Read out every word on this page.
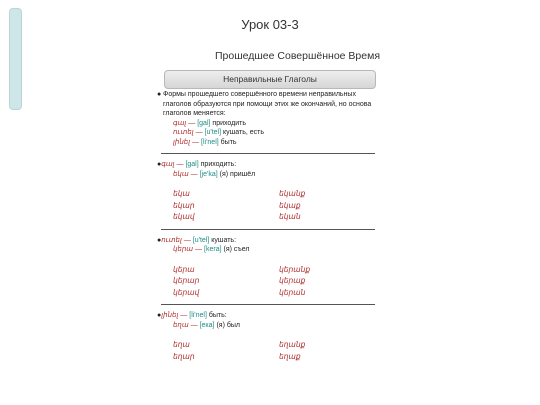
Урок 03-3
Прошедшее Совершённое Время
Неправильные Глаголы
● Формы прошедшего совершённого времени неправильных глаголов образуются при помощи этих же окончаний, но основа глаголов меняется:
գալ — [gal] приходить
ուտել — [u'tel] кушать, есть
լինել — [li'nel] быть
●գալ — [gal] приходить:
եկա — [je'ka] (я) пришёл
եկա	եկանք
եկար	եկաք
եկավ	եկան
●ուտել — [u'tel] кушать:
կերա — [kera] (я) съел
կերա	կերանք
կերար	կերաք
կերավ	կերան
●լինել — [li'nel] быть:
եղա — [eка] (я) был
եղա	եղանք
եղար	եղաք
